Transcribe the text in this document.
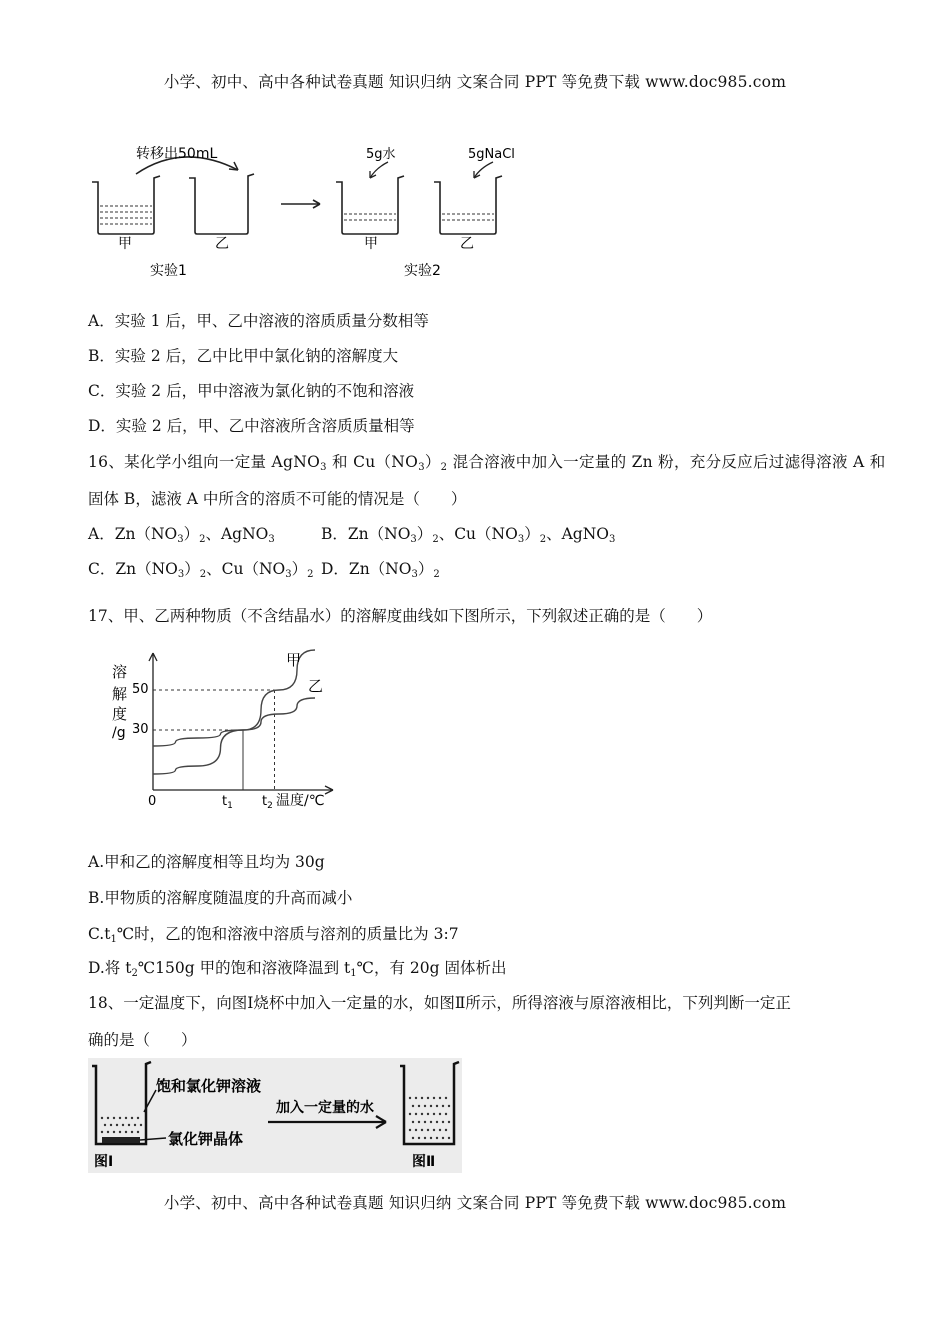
小学、初中、高中各种试卷真题 知识归纳 文案合同 PPT 等免费下载 www.doc985.com
转移出50mL	5g水	5gNaCl
甲	乙	甲	乙
实验1	实验2
A．实验 1 后，甲、乙中溶液的溶质质量分数相等
B．实验 2 后，乙中比甲中氯化钠的溶解度大
C．实验 2 后，甲中溶液为氯化钠的不饱和溶液
D．实验 2 后，甲、乙中溶液所含溶质质量相等
16、某化学小组向一定量 AgNO$_3$ 和 $Cu(NO_3)_2$ 混合溶液中加入一定量的 Zn 粉，充分反应后过滤得溶液 A 和
固体 B，滤液 A 中所含的溶质不可能的情况是（　　）
A．$Zn(NO_3)_2$、AgNO$_3$	B．$Zn(NO_3)_2$、$Cu(NO_3)_2$、AgNO$_3$
C．$Zn(NO_3)_2$、$Cu(NO_3)_2$ D．$Zn(NO_3)_2$
17、甲、乙两种物质（不含结晶水）的溶解度曲线如下图所示，下列叙述正确的是（　　）
溶
解
度
/g
50
30
0	$t_1$ $t_2$ 温度/℃
甲
乙
A.甲和乙的溶解度相等且均为 30g
B.甲物质的溶解度随温度的升高而减小
$C.t_1℃$时，乙的饱和溶液中溶质与溶剂的质量比为 3:7
D.将 $t_2℃150g$ 甲的饱和溶液降温到 $t_1℃$，有 20g 固体析出
18、一定温度下，向图Ⅰ烧杯中加入一定量的水，如图Ⅱ所示，所得溶液与原溶液相比，下列判断一定正
确的是（　　）
饱和氯化钾溶液
氯化钾晶体
加入一定量的水
图Ⅰ	图Ⅱ
小学、初中、高中各种试卷真题 知识归纳 文案合同 PPT 等免费下载 www.doc985.com
